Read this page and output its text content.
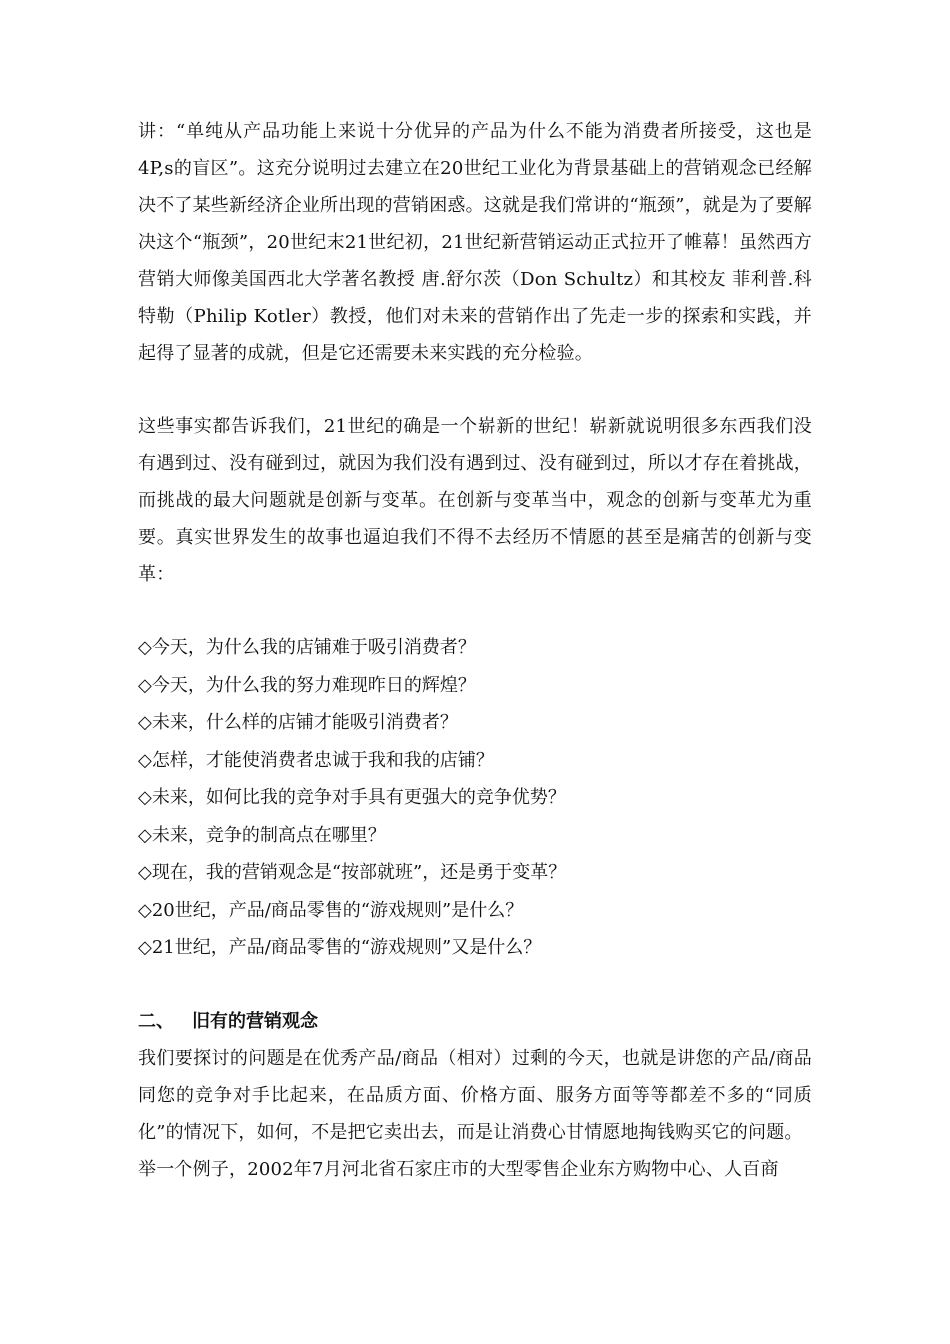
讲：“单纯从产品功能上来说十分优异的产品为什么不能为消费者所接受，这也是4P,s的盲区”。这充分说明过去建立在20世纪工业化为背景基础上的营销观念已经解决不了某些新经济企业所出现的营销困惑。这就是我们常讲的“瓶颈”，就是为了要解决这个“瓶颈”，20世纪末21世纪初，21世纪新营销运动正式拉开了帷幕！虽然西方营销大师像美国西北大学著名教授 唐.舒尔茨（Don Schultz）和其校友 菲利普.科特勒（Philip Kotler）教授，他们对未来的营销作出了先走一步的探索和实践，并起得了显著的成就，但是它还需要未来实践的充分检验。

这些事实都告诉我们，21世纪的确是一个崭新的世纪！崭新就说明很多东西我们没有遇到过、没有碰到过，就因为我们没有遇到过、没有碰到过，所以才存在着挑战，而挑战的最大问题就是创新与变革。在创新与变革当中，观念的创新与变革尤为重要。真实世界发生的故事也逼迫我们不得不去经历不情愿的甚至是痛苦的创新与变革：

◇今天，为什么我的店铺难于吸引消费者？
◇今天，为什么我的努力难现昨日的辉煌？
◇未来，什么样的店铺才能吸引消费者？
◇怎样，才能使消费者忠诚于我和我的店铺？
◇未来，如何比我的竞争对手具有更强大的竞争优势？
◇未来，竞争的制高点在哪里？
◇现在，我的营销观念是“按部就班”，还是勇于变革？
◇20世纪，产品/商品零售的“游戏规则”是什么？
◇21世纪，产品/商品零售的“游戏规则”又是什么？
二、 旧有的营销观念

我们要探讨的问题是在优秀产品/商品（相对）过剩的今天，也就是讲您的产品/商品同您的竞争对手比起来，在品质方面、价格方面、服务方面等等都差不多的“同质化”的情况下，如何，不是把它卖出去，而是让消费心甘情愿地掏钱购买它的问题。

举一个例子，2002年7月河北省石家庄市的大型零售企业东方购物中心、人百商
